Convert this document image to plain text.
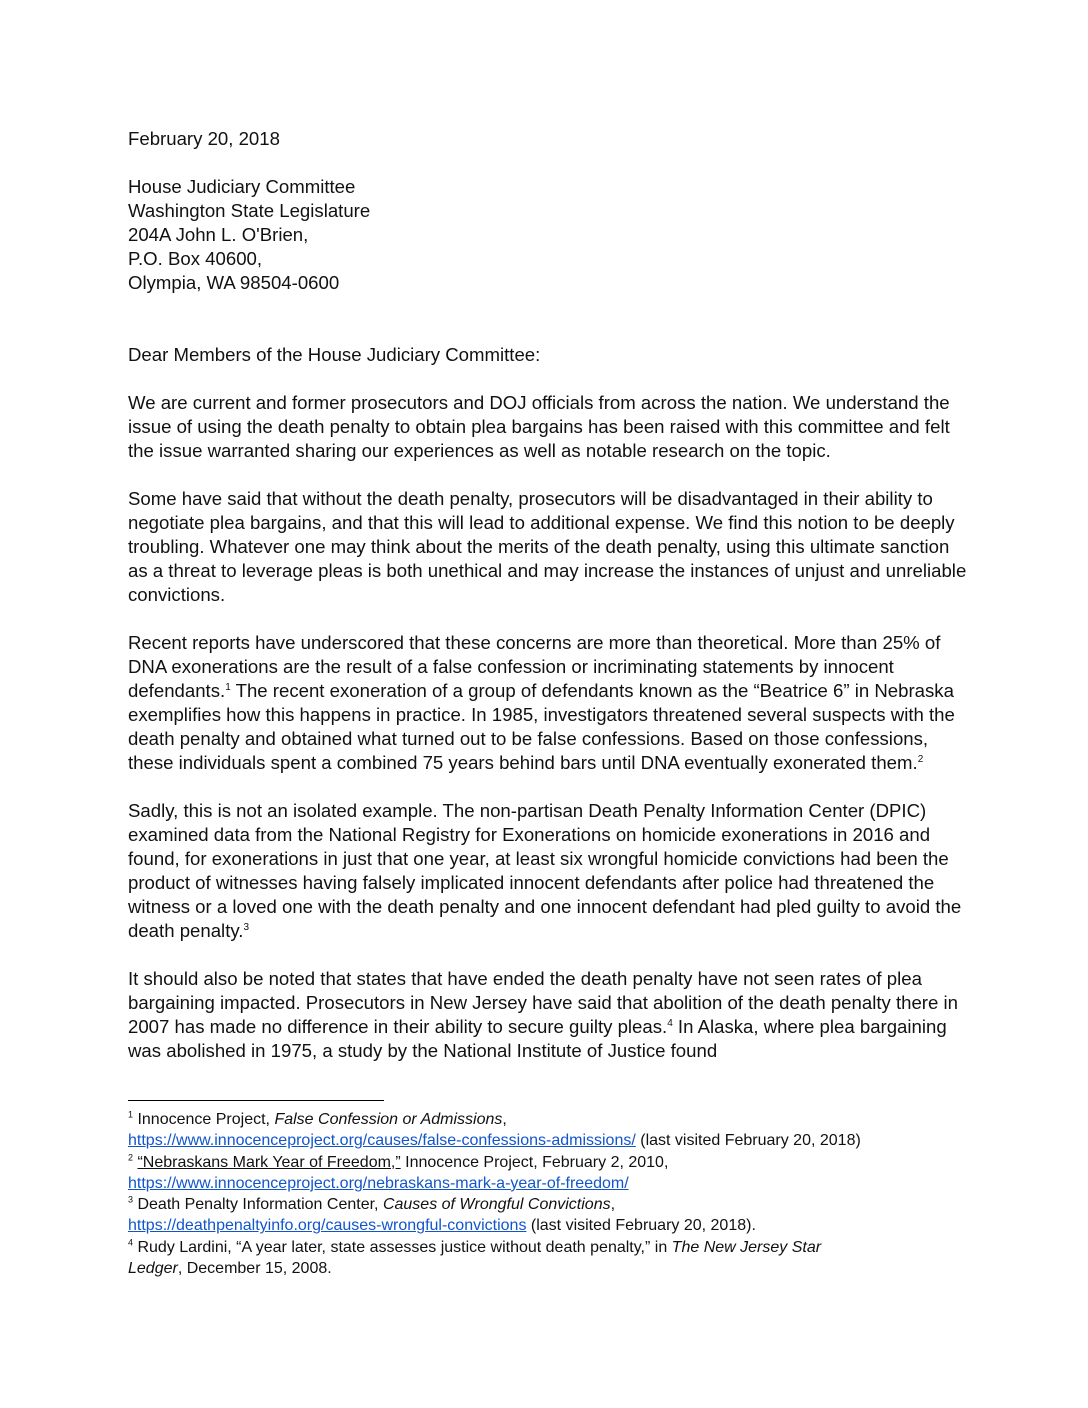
February 20, 2018
House Judiciary Committee
Washington State Legislature
204A John L. O'Brien,
P.O. Box 40600,
Olympia, WA 98504-0600
Dear Members of the House Judiciary Committee:

We are current and former prosecutors and DOJ officials from across the nation. We understand the issue of using the death penalty to obtain plea bargains has been raised with this committee and felt the issue warranted sharing our experiences as well as notable research on the topic.

Some have said that without the death penalty, prosecutors will be disadvantaged in their ability to negotiate plea bargains, and that this will lead to additional expense. We find this notion to be deeply troubling. Whatever one may think about the merits of the death penalty, using this ultimate sanction as a threat to leverage pleas is both unethical and may increase the instances of unjust and unreliable convictions.

Recent reports have underscored that these concerns are more than theoretical. More than 25% of DNA exonerations are the result of a false confession or incriminating statements by innocent defendants.$^1$ The recent exoneration of a group of defendants known as the “Beatrice 6” in Nebraska exemplifies how this happens in practice. In 1985, investigators threatened several suspects with the death penalty and obtained what turned out to be false confessions. Based on those confessions, these individuals spent a combined 75 years behind bars until DNA eventually exonerated them.$^2$

Sadly, this is not an isolated example. The non-partisan Death Penalty Information Center (DPIC) examined data from the National Registry for Exonerations on homicide exonerations in 2016 and found, for exonerations in just that one year, at least six wrongful homicide convictions had been the product of witnesses having falsely implicated innocent defendants after police had threatened the witness or a loved one with the death penalty and one innocent defendant had pled guilty to avoid the death penalty.$^3$

It should also be noted that states that have ended the death penalty have not seen rates of plea bargaining impacted. Prosecutors in New Jersey have said that abolition of the death penalty there in 2007 has made no difference in their ability to secure guilty pleas.$^4$ In Alaska, where plea bargaining was abolished in 1975, a study by the National Institute of Justice found

$^1$ Innocence Project, False Confession or Admissions,
https://www.innocenceproject.org/causes/false-confessions-admissions/ (last visited February 20, 2018)
$^2$ “Nebraskans Mark Year of Freedom,” Innocence Project, February 2, 2010,
https://www.innocenceproject.org/nebraskans-mark-a-year-of-freedom/
$^3$ Death Penalty Information Center, Causes of Wrongful Convictions,
https://deathpenaltyinfo.org/causes-wrongful-convictions (last visited February 20, 2018).
$^4$ Rudy Lardini, “A year later, state assesses justice without death penalty,” in The New Jersey Star
Ledger, December 15, 2008.
